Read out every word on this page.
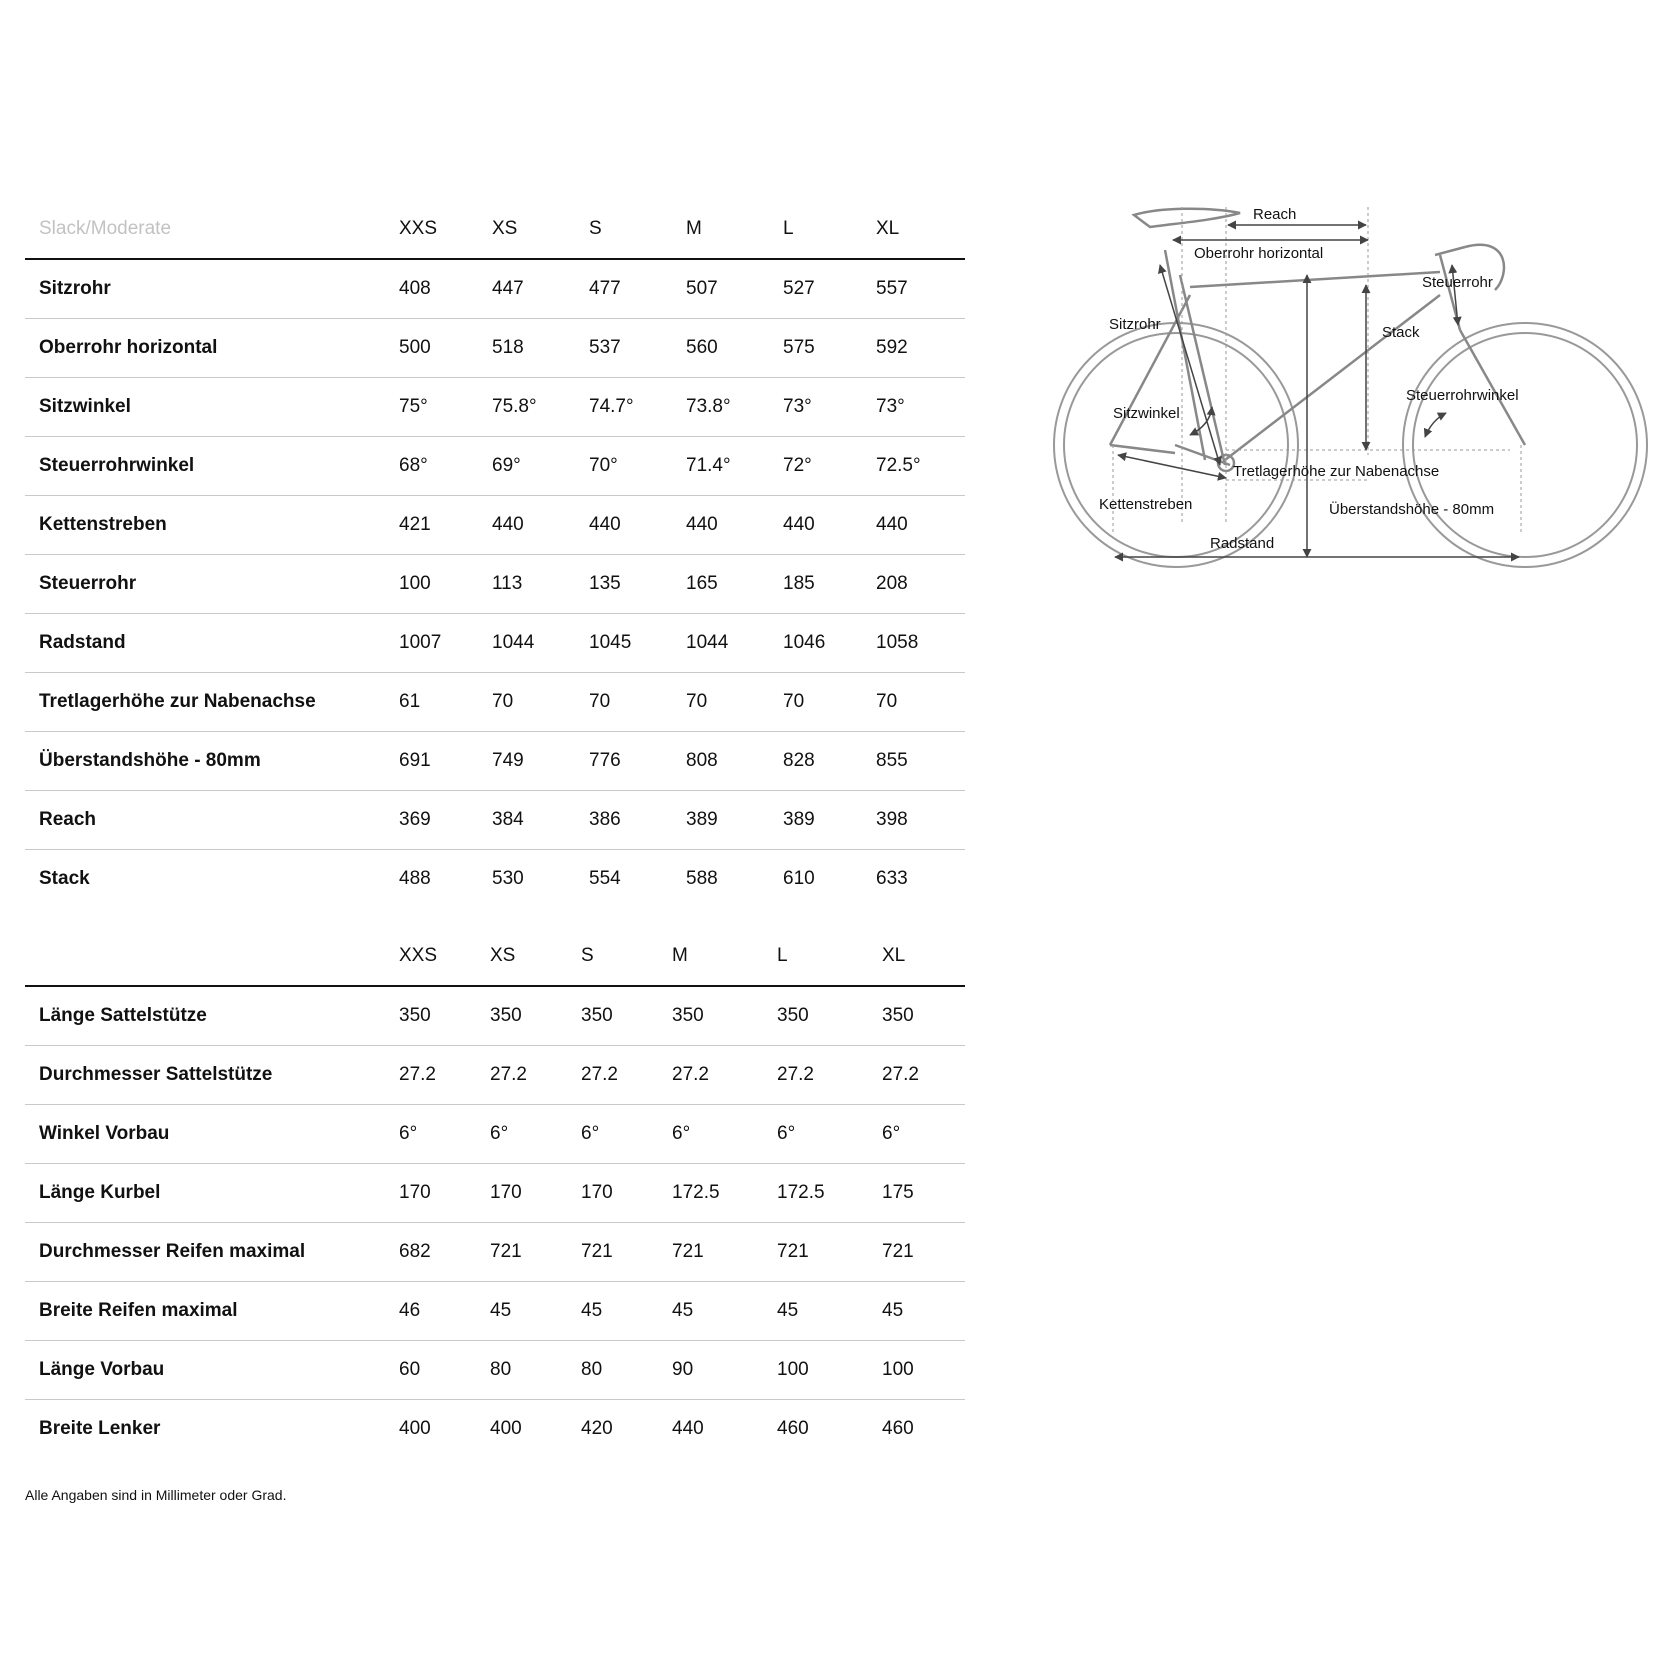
Slack/Moderate	XXS	XS	S	M	L	XL
Sitzrohr	408	447	477	507	527	557
Oberrohr horizontal	500	518	537	560	575	592
Sitzwinkel	75°	75.8°	74.7°	73.8°	73°	73°
Steuerrohrwinkel	68°	69°	70°	71.4°	72°	72.5°
Kettenstreben	421	440	440	440	440	440
Steuerrohr	100	113	135	165	185	208
Radstand	1007	1044	1045	1044	1046	1058
Tretlagerhöhe zur Nabenachse	61	70	70	70	70	70
Überstandshöhe - 80mm	691	749	776	808	828	855
Reach	369	384	386	389	389	398
Stack	488	530	554	588	610	633
	XXS	XS	S	M	L	XL
Länge Sattelstütze	350	350	350	350	350	350
Durchmesser Sattelstütze	27.2	27.2	27.2	27.2	27.2	27.2
Winkel Vorbau	6°	6°	6°	6°	6°	6°
Länge Kurbel	170	170	170	172.5	172.5	175
Durchmesser Reifen maximal	682	721	721	721	721	721
Breite Reifen maximal	46	45	45	45	45	45
Länge Vorbau	60	80	80	90	100	100
Breite Lenker	400	400	420	440	460	460
Alle Angaben sind in Millimeter oder Grad.
Reach
Oberrohr horizontal
Steuerrohr
Sitzrohr	Stack
Steuerrohrwinkel
Sitzwinkel
Tretlagerhöhe zur Nabenachse
Kettenstreben	Überstandshöhe - 80mm
Radstand
